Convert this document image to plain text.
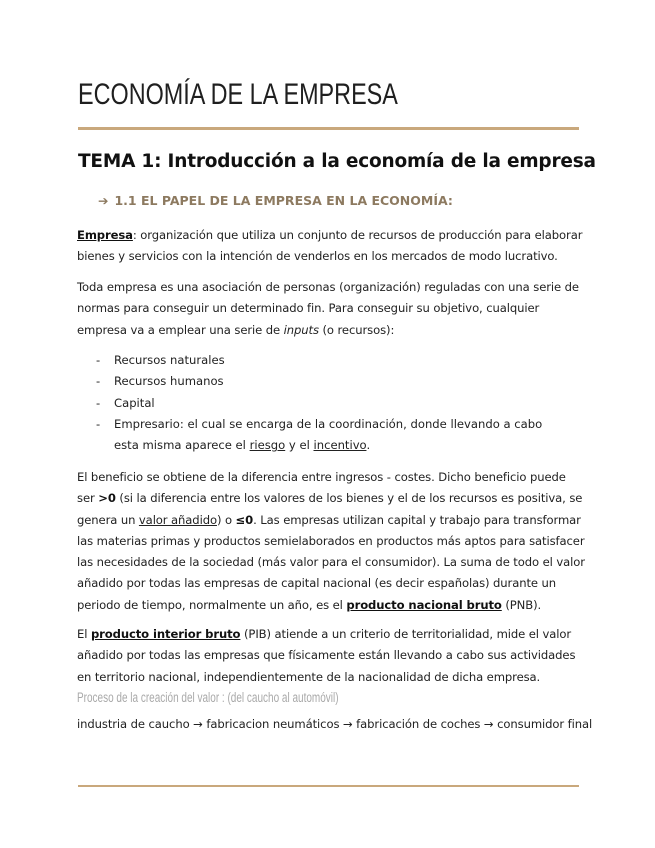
ECONOMÍA DE LA EMPRESA
TEMA 1: Introducción a la economía de la empresa
➔ 1.1 EL PAPEL DE LA EMPRESA EN LA ECONOMÍA:

Empresa: organización que utiliza un conjunto de recursos de producción para elaborar bienes y servicios con la intención de venderlos en los mercados de modo lucrativo.

Toda empresa es una asociación de personas (organización) reguladas con una serie de normas para conseguir un determinado fin. Para conseguir su objetivo, cualquier empresa va a emplear una serie de inputs (o recursos):

- Recursos naturales
- Recursos humanos
- Capital
- Empresario: el cual se encarga de la coordinación, donde llevando a cabo esta misma aparece el riesgo y el incentivo.

El beneficio se obtiene de la diferencia entre ingresos - costes. Dicho beneficio puede ser >0 (si la diferencia entre los valores de los bienes y el de los recursos es positiva, se genera un valor añadido) o ≤0. Las empresas utilizan capital y trabajo para transformar las materias primas y productos semielaborados en productos más aptos para satisfacer las necesidades de la sociedad (más valor para el consumidor). La suma de todo el valor añadido por todas las empresas de capital nacional (es decir españolas) durante un periodo de tiempo, normalmente un año, es el producto nacional bruto (PNB).

El producto interior bruto (PIB) atiende a un criterio de territorialidad, mide el valor añadido por todas las empresas que físicamente están llevando a cabo sus actividades en territorio nacional, independientemente de la nacionalidad de dicha empresa.

Proceso de la creación del valor : (del caucho al automóvil)

industria de caucho → fabricacion neumáticos → fabricación de coches → consumidor final
